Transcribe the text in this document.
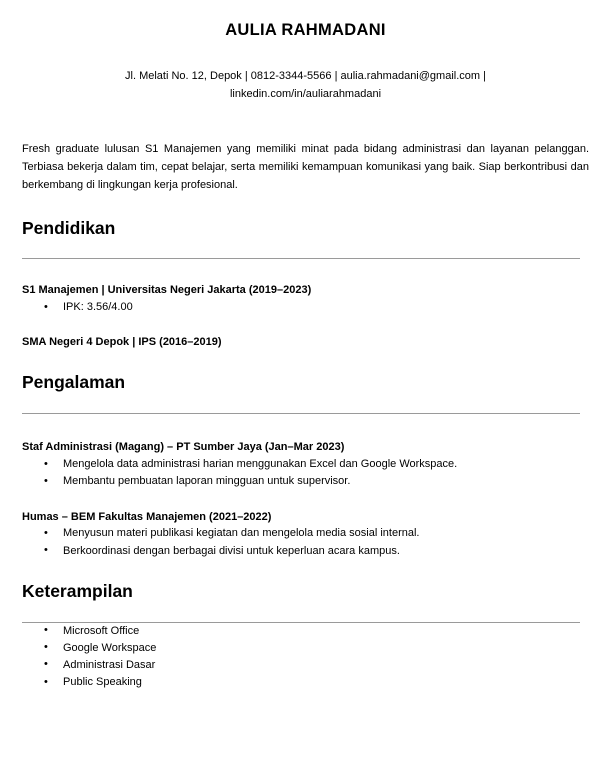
AULIA RAHMADANI

Jl. Melati No. 12, Depok | 0812-3344-5566 | aulia.rahmadani@gmail.com | linkedin.com/in/auliarahmadani

Fresh graduate lulusan S1 Manajemen yang memiliki minat pada bidang administrasi dan layanan pelanggan. Terbiasa bekerja dalam tim, cepat belajar, serta memiliki kemampuan komunikasi yang baik. Siap berkontribusi dan berkembang di lingkungan kerja profesional.

Pendidikan
S1 Manajemen | Universitas Negeri Jakarta (2019–2023)
• IPK: 3.56/4.00
SMA Negeri 4 Depok | IPS (2016–2019)
Pengalaman
Staf Administrasi (Magang) – PT Sumber Jaya (Jan–Mar 2023)
• Mengelola data administrasi harian menggunakan Excel dan Google Workspace.
• Membantu pembuatan laporan mingguan untuk supervisor.
Humas – BEM Fakultas Manajemen (2021–2022)
• Menyusun materi publikasi kegiatan dan mengelola media sosial internal.
• Berkoordinasi dengan berbagai divisi untuk keperluan acara kampus.
Keterampilan
• Microsoft Office
• Google Workspace
• Administrasi Dasar
• Public Speaking
